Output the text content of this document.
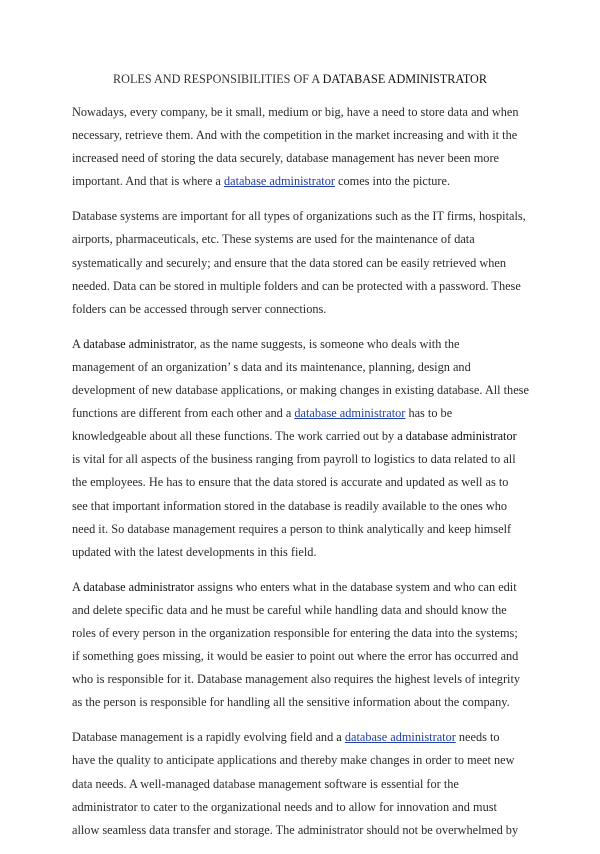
ROLES AND RESPONSIBILITIES OF A DATABASE ADMINISTRATOR

Nowadays, every company, be it small, medium or big, have a need to store data and when
necessary, retrieve them. And with the competition in the market increasing and with it the
increased need of storing the data securely, database management has never been more
important. And that is where a database administrator comes into the picture.

Database systems are important for all types of organizations such as the IT firms, hospitals,
airports, pharmaceuticals, etc. These systems are used for the maintenance of data
systematically and securely; and ensure that the data stored can be easily retrieved when
needed. Data can be stored in multiple folders and can be protected with a password. These
folders can be accessed through server connections.

A database administrator, as the name suggests, is someone who deals with the
management of an organization’ s data and its maintenance, planning, design and
development of new database applications, or making changes in existing database. All these
functions are different from each other and a database administrator has to be
knowledgeable about all these functions. The work carried out by a database administrator
is vital for all aspects of the business ranging from payroll to logistics to data related to all
the employees. He has to ensure that the data stored is accurate and updated as well as to
see that important information stored in the database is readily available to the ones who
need it. So database management requires a person to think analytically and keep himself
updated with the latest developments in this field.

A database administrator assigns who enters what in the database system and who can edit
and delete specific data and he must be careful while handling data and should know the
roles of every person in the organization responsible for entering the data into the systems;
if something goes missing, it would be easier to point out where the error has occurred and
who is responsible for it. Database management also requires the highest levels of integrity
as the person is responsible for handling all the sensitive information about the company.

Database management is a rapidly evolving field and a database administrator needs to
have the quality to anticipate applications and thereby make changes in order to meet new
data needs. A well-managed database management software is essential for the
administrator to cater to the organizational needs and to allow for innovation and must
allow seamless data transfer and storage. The administrator should not be overwhelmed by
